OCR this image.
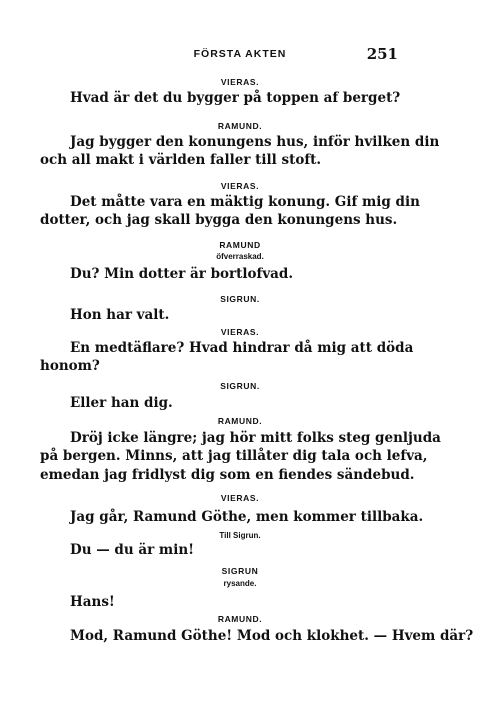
FÖRSTA AKTEN	251
VIERAS.
Hvad är det du bygger på toppen af berget?
RAMUND.
Jag bygger den konungens hus, inför hvilken din
och all makt i världen faller till stoft.
VIERAS.
Det måtte vara en mäktig konung. Gif mig din
dotter, och jag skall bygga den konungens hus.
RAMUND
öfverraskad.
Du? Min dotter är bortlofvad.
SIGRUN.
Hon har valt.
VIERAS.
En medtäflare? Hvad hindrar då mig att döda
honom?
SIGRUN.
Eller han dig.
RAMUND.
Dröj icke längre; jag hör mitt folks steg genljuda
på bergen. Minns, att jag tillåter dig tala och lefva,
emedan jag fridlyst dig som en fiendes sändebud.
VIERAS.
Jag går, Ramund Göthe, men kommer tillbaka.
Till Sigrun.
Du — du är min!
SIGRUN
rysande.
Hans!
RAMUND.
Mod, Ramund Göthe! Mod och klokhet. — Hvem där?
